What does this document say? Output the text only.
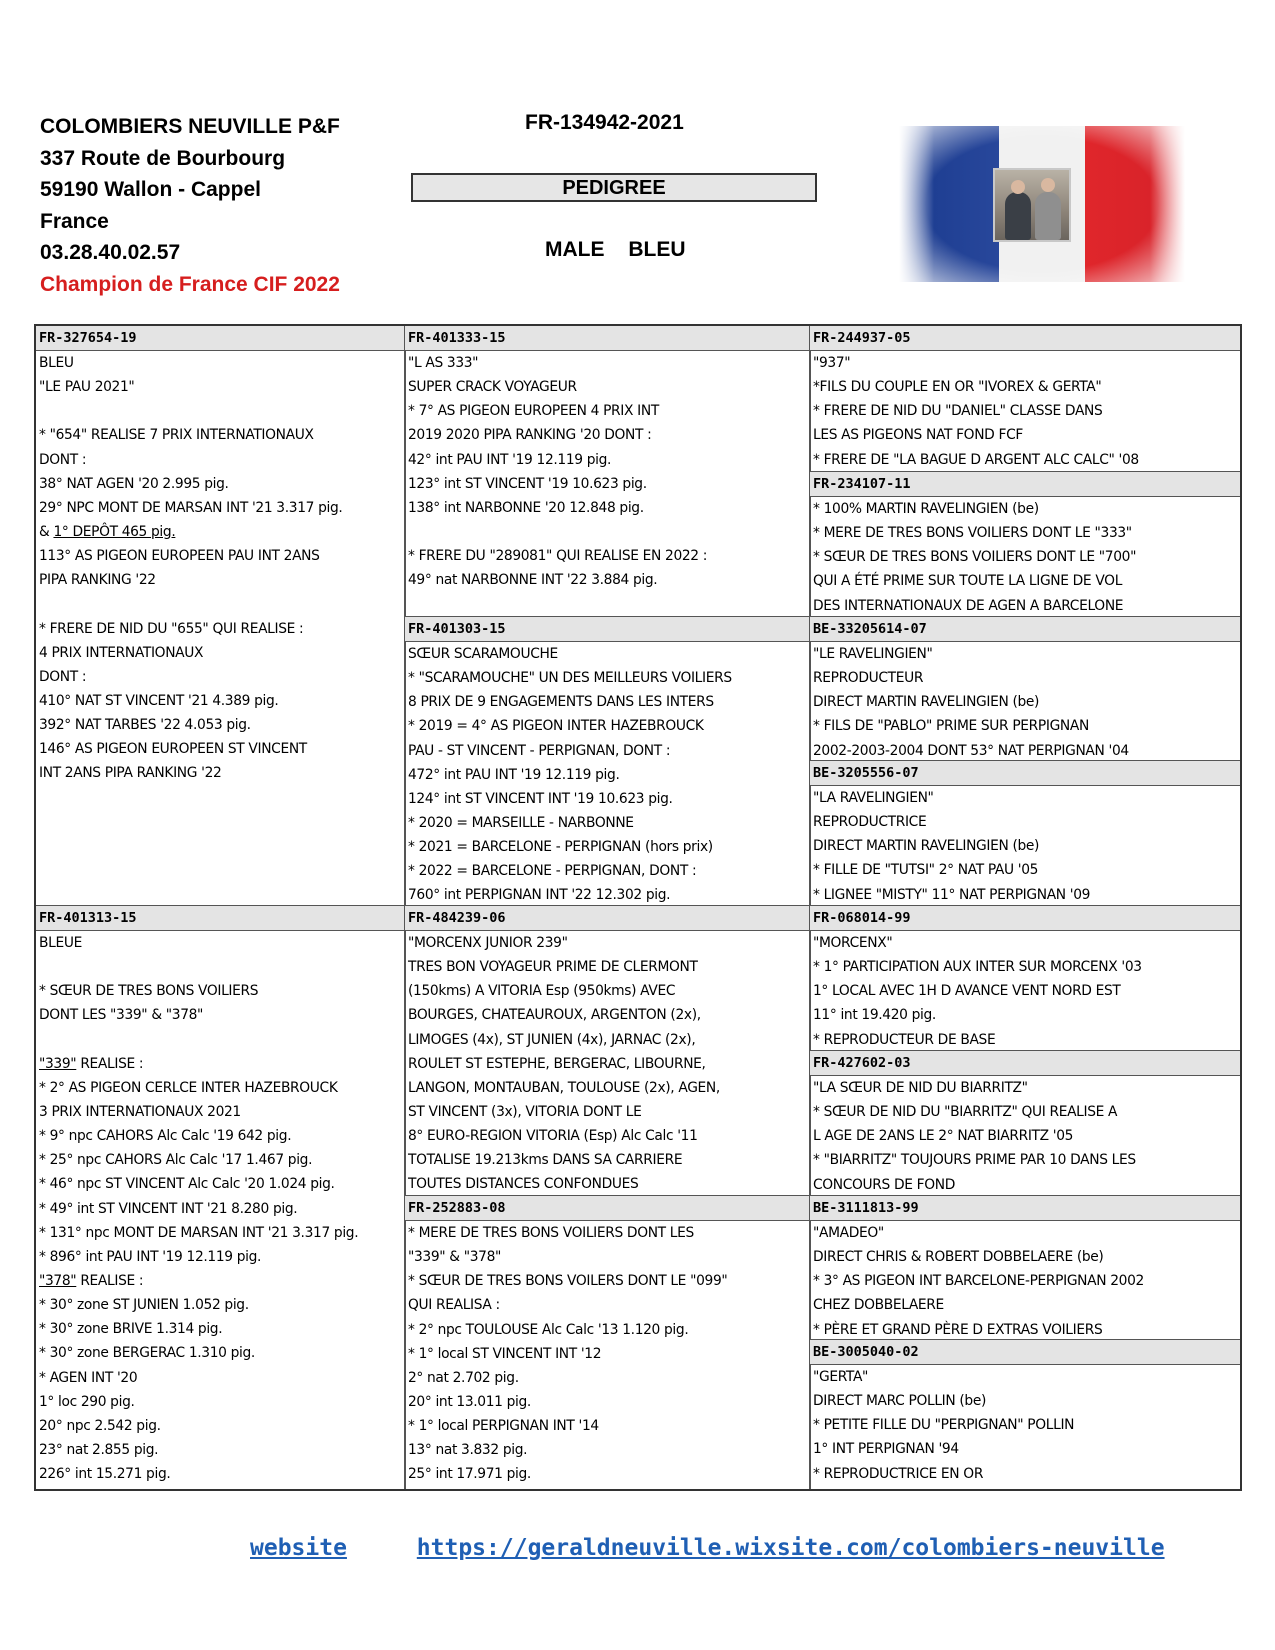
COLOMBIERS NEUVILLE P&F
337 Route de Bourbourg
59190 Wallon - Cappel
France
03.28.40.02.57
Champion de France CIF 2022
FR-134942-2021
PEDIGREE
MALE BLEU
FR-327654-19
BLEU
"LE PAU 2021"
* "654" REALISE 7 PRIX INTERNATIONAUX
DONT :
38° NAT AGEN '20 2.995 pig.
29° NPC MONT DE MARSAN INT '21 3.317 pig.
& 1° DEPÔT 465 pig.
113° AS PIGEON EUROPEEN PAU INT 2ANS
PIPA RANKING '22
* FRERE DE NID DU "655" QUI REALISE :
4 PRIX INTERNATIONAUX
DONT :
410° NAT ST VINCENT '21 4.389 pig.
392° NAT TARBES '22 4.053 pig.
146° AS PIGEON EUROPEEN ST VINCENT
INT 2ANS PIPA RANKING '22
FR-401333-15
"L AS 333"
SUPER CRACK VOYAGEUR
* 7° AS PIGEON EUROPEEN 4 PRIX INT
2019 2020 PIPA RANKING '20 DONT :
42° int PAU INT '19 12.119 pig.
123° int ST VINCENT '19 10.623 pig.
138° int NARBONNE '20 12.848 pig.
* FRERE DU "289081" QUI REALISE EN 2022 :
49° nat NARBONNE INT '22 3.884 pig.
FR-244937-05
"937"
*FILS DU COUPLE EN OR "IVOREX & GERTA"
* FRERE DE NID DU "DANIEL" CLASSE DANS
LES AS PIGEONS NAT FOND FCF
* FRERE DE "LA BAGUE D ARGENT ALC CALC" '08
FR-234107-11
* 100% MARTIN RAVELINGIEN (be)
* MERE DE TRES BONS VOILIERS DONT LE "333"
* SŒUR DE TRES BONS VOILIERS DONT LE "700"
QUI A ÉTÉ PRIME SUR TOUTE LA LIGNE DE VOL
DES INTERNATIONAUX DE AGEN A BARCELONE
FR-401303-15
SŒUR SCARAMOUCHE
* "SCARAMOUCHE" UN DES MEILLEURS VOILIERS
8 PRIX DE 9 ENGAGEMENTS DANS LES INTERS
* 2019 = 4° AS PIGEON INTER HAZEBROUCK
PAU - ST VINCENT - PERPIGNAN, DONT :
472° int PAU INT '19 12.119 pig.
124° int ST VINCENT INT '19 10.623 pig.
* 2020 = MARSEILLE - NARBONNE
* 2021 = BARCELONE - PERPIGNAN (hors prix)
* 2022 = BARCELONE - PERPIGNAN, DONT :
760° int PERPIGNAN INT '22 12.302 pig.
BE-33205614-07
"LE RAVELINGIEN"
REPRODUCTEUR
DIRECT MARTIN RAVELINGIEN (be)
* FILS DE "PABLO" PRIME SUR PERPIGNAN
2002-2003-2004 DONT 53° NAT PERPIGNAN '04
BE-3205556-07
"LA RAVELINGIEN"
REPRODUCTRICE
DIRECT MARTIN RAVELINGIEN (be)
* FILLE DE "TUTSI" 2° NAT PAU '05
* LIGNEE "MISTY" 11° NAT PERPIGNAN '09
FR-401313-15
BLEUE
* SŒUR DE TRES BONS VOILIERS
DONT LES "339" & "378"
"339" REALISE :
* 2° AS PIGEON CERLCE INTER HAZEBROUCK
3 PRIX INTERNATIONAUX 2021
* 9° npc CAHORS Alc Calc '19 642 pig.
* 25° npc CAHORS Alc Calc '17 1.467 pig.
* 46° npc ST VINCENT Alc Calc '20 1.024 pig.
* 49° int ST VINCENT INT '21 8.280 pig.
* 131° npc MONT DE MARSAN INT '21 3.317 pig.
* 896° int PAU INT '19 12.119 pig.
"378" REALISE :
* 30° zone ST JUNIEN 1.052 pig.
* 30° zone BRIVE 1.314 pig.
* 30° zone BERGERAC 1.310 pig.
* AGEN INT '20
1° loc 290 pig.
20° npc 2.542 pig.
23° nat 2.855 pig.
226° int 15.271 pig.
FR-484239-06
"MORCENX JUNIOR 239"
TRES BON VOYAGEUR PRIME DE CLERMONT
(150kms) A VITORIA Esp (950kms) AVEC
BOURGES, CHATEAUROUX, ARGENTON (2x),
LIMOGES (4x), ST JUNIEN (4x), JARNAC (2x),
ROULET ST ESTEPHE, BERGERAC, LIBOURNE,
LANGON, MONTAUBAN, TOULOUSE (2x), AGEN,
ST VINCENT (3x), VITORIA DONT LE
8° EURO-REGION VITORIA (Esp) Alc Calc '11
TOTALISE 19.213kms DANS SA CARRIERE
TOUTES DISTANCES CONFONDUES
FR-068014-99
"MORCENX"
* 1° PARTICIPATION AUX INTER SUR MORCENX '03
1° LOCAL AVEC 1H D AVANCE VENT NORD EST
11° int 19.420 pig.
* REPRODUCTEUR DE BASE
FR-427602-03
"LA SŒUR DE NID DU BIARRITZ"
* SŒUR DE NID DU "BIARRITZ" QUI REALISE A
L AGE DE 2ANS LE 2° NAT BIARRITZ '05
* "BIARRITZ" TOUJOURS PRIME PAR 10 DANS LES
CONCOURS DE FOND
FR-252883-08
* MERE DE TRES BONS VOILIERS DONT LES
"339" & "378"
* SŒUR DE TRES BONS VOILERS DONT LE "099"
QUI REALISA :
* 2° npc TOULOUSE Alc Calc '13 1.120 pig.
* 1° local ST VINCENT INT '12
2° nat 2.702 pig.
20° int 13.011 pig.
* 1° local PERPIGNAN INT '14
13° nat 3.832 pig.
25° int 17.971 pig.
BE-3111813-99
"AMADEO"
DIRECT CHRIS & ROBERT DOBBELAERE (be)
* 3° AS PIGEON INT BARCELONE-PERPIGNAN 2002
CHEZ DOBBELAERE
* PÈRE ET GRAND PÈRE D EXTRAS VOILIERS
BE-3005040-02
"GERTA"
DIRECT MARC POLLIN (be)
* PETITE FILLE DU "PERPIGNAN" POLLIN
1° INT PERPIGNAN '94
* REPRODUCTRICE EN OR
website	https://geraldneuville.wixsite.com/colombiers-neuville
